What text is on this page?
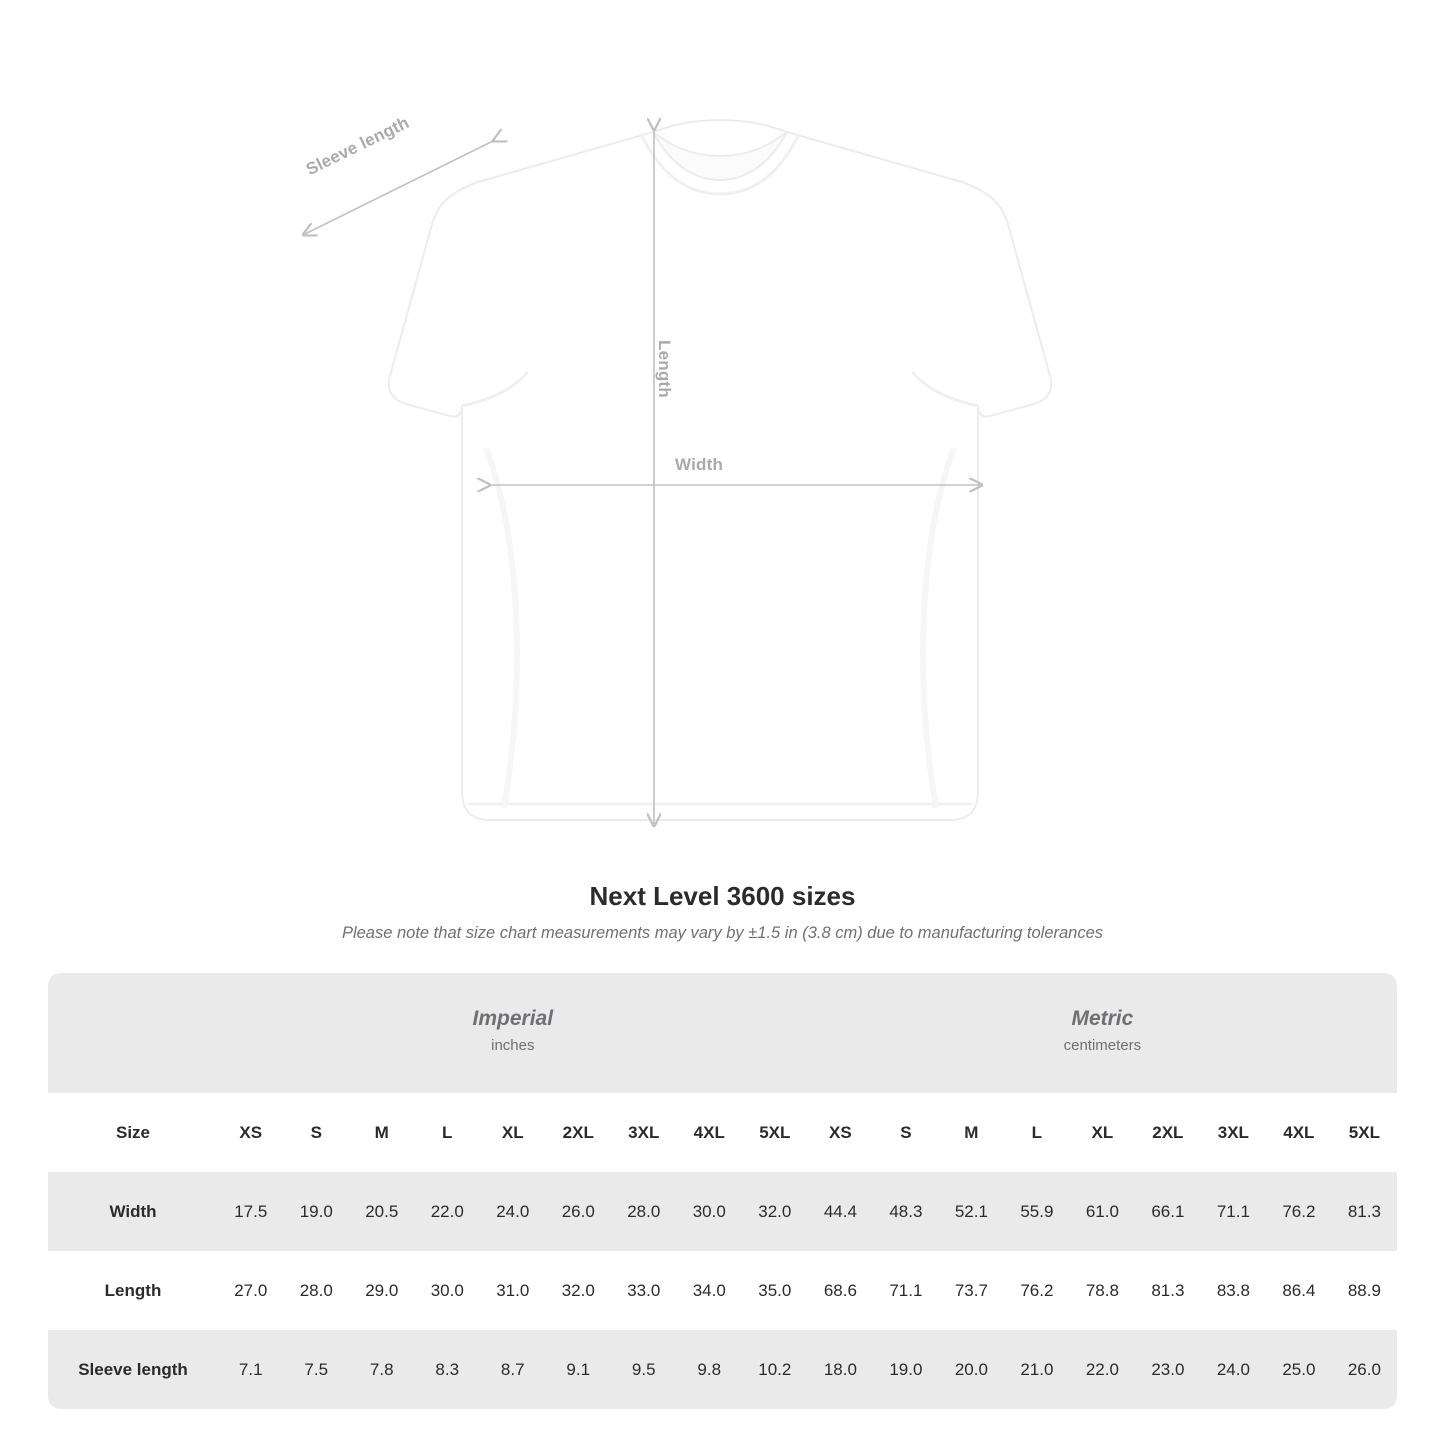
Sleeve length
Length
Width
Next Level 3600 sizes

Please note that size chart measurements may vary by ±1.5 in (3.8 cm) due to manufacturing tolerances

Imperial
inches

Metric
centimeters

Size	XS	S	M	L	XL	2XL	3XL	4XL	5XL	XS	S	M	L	XL	2XL	3XL	4XL	5XL
Width	17.5	19.0	20.5	22.0	24.0	26.0	28.0	30.0	32.0	44.4	48.3	52.1	55.9	61.0	66.1	71.1	76.2	81.3
Length	27.0	28.0	29.0	30.0	31.0	32.0	33.0	34.0	35.0	68.6	71.1	73.7	76.2	78.8	81.3	83.8	86.4	88.9
Sleeve length	7.1	7.5	7.8	8.3	8.7	9.1	9.5	9.8	10.2	18.0	19.0	20.0	21.0	22.0	23.0	24.0	25.0	26.0
